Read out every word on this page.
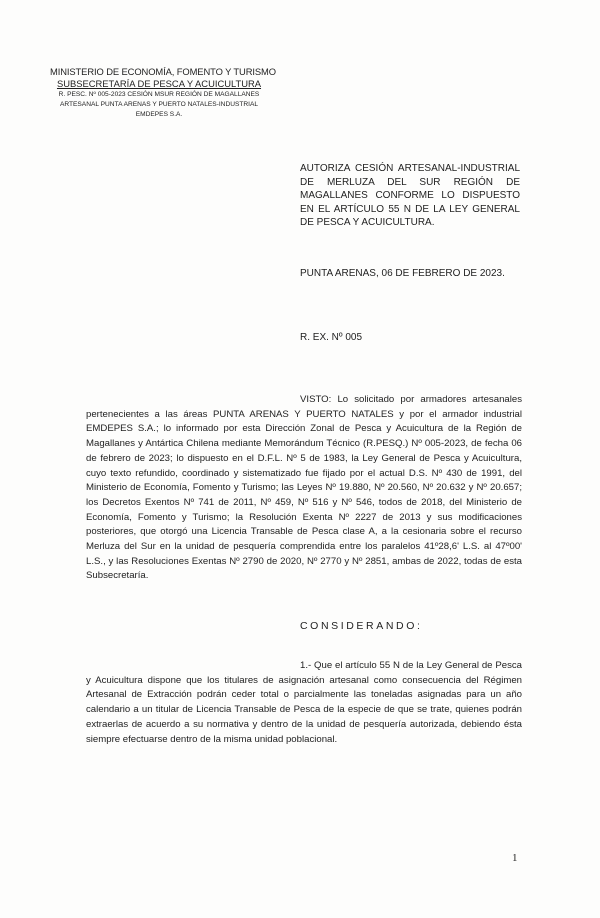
MINISTERIO DE ECONOMÍA, FOMENTO Y TURISMO
SUBSECRETARÍA DE PESCA Y ACUICULTURA
R. PESC. Nº 005-2023 CESIÓN MSUR REGIÓN DE MAGALLANES
ARTESANAL PUNTA ARENAS Y PUERTO NATALES-INDUSTRIAL
EMDEPES S.A.
AUTORIZA CESIÓN ARTESANAL-INDUSTRIAL DE MERLUZA DEL SUR REGIÓN DE MAGALLANES CONFORME LO DISPUESTO EN EL ARTÍCULO 55 N DE LA LEY GENERAL DE PESCA Y ACUICULTURA.
PUNTA ARENAS, 06 DE FEBRERO DE 2023.
R. EX. Nº 005
VISTO: Lo solicitado por armadores artesanales pertenecientes a las áreas PUNTA ARENAS Y PUERTO NATALES y por el armador industrial EMDEPES S.A.; lo informado por esta Dirección Zonal de Pesca y Acuicultura de la Región de Magallanes y Antártica Chilena mediante Memorándum Técnico (R.PESQ.) Nº 005-2023, de fecha 06 de febrero de 2023; lo dispuesto en el D.F.L. Nº 5 de 1983, la Ley General de Pesca y Acuicultura, cuyo texto refundido, coordinado y sistematizado fue fijado por el actual D.S. Nº 430 de 1991, del Ministerio de Economía, Fomento y Turismo; las Leyes Nº 19.880, Nº 20.560, Nº 20.632 y Nº 20.657; los Decretos Exentos Nº 741 de 2011, Nº 459, Nº 516 y Nº 546, todos de 2018, del Ministerio de Economía, Fomento y Turismo; la Resolución Exenta Nº 2227 de 2013 y sus modificaciones posteriores, que otorgó una Licencia Transable de Pesca clase A, a la cesionaria sobre el recurso Merluza del Sur en la unidad de pesquería comprendida entre los paralelos 41º28,6' L.S. al 47º00' L.S., y las Resoluciones Exentas Nº 2790 de 2020, Nº 2770 y Nº 2851, ambas de 2022, todas de esta Subsecretaría.
CONSIDERANDO:
1.- Que el artículo 55 N de la Ley General de Pesca y Acuicultura dispone que los titulares de asignación artesanal como consecuencia del Régimen Artesanal de Extracción podrán ceder total o parcialmente las toneladas asignadas para un año calendario a un titular de Licencia Transable de Pesca de la especie de que se trate, quienes podrán extraerlas de acuerdo a su normativa y dentro de la unidad de pesquería autorizada, debiendo ésta siempre efectuarse dentro de la misma unidad poblacional.
1
